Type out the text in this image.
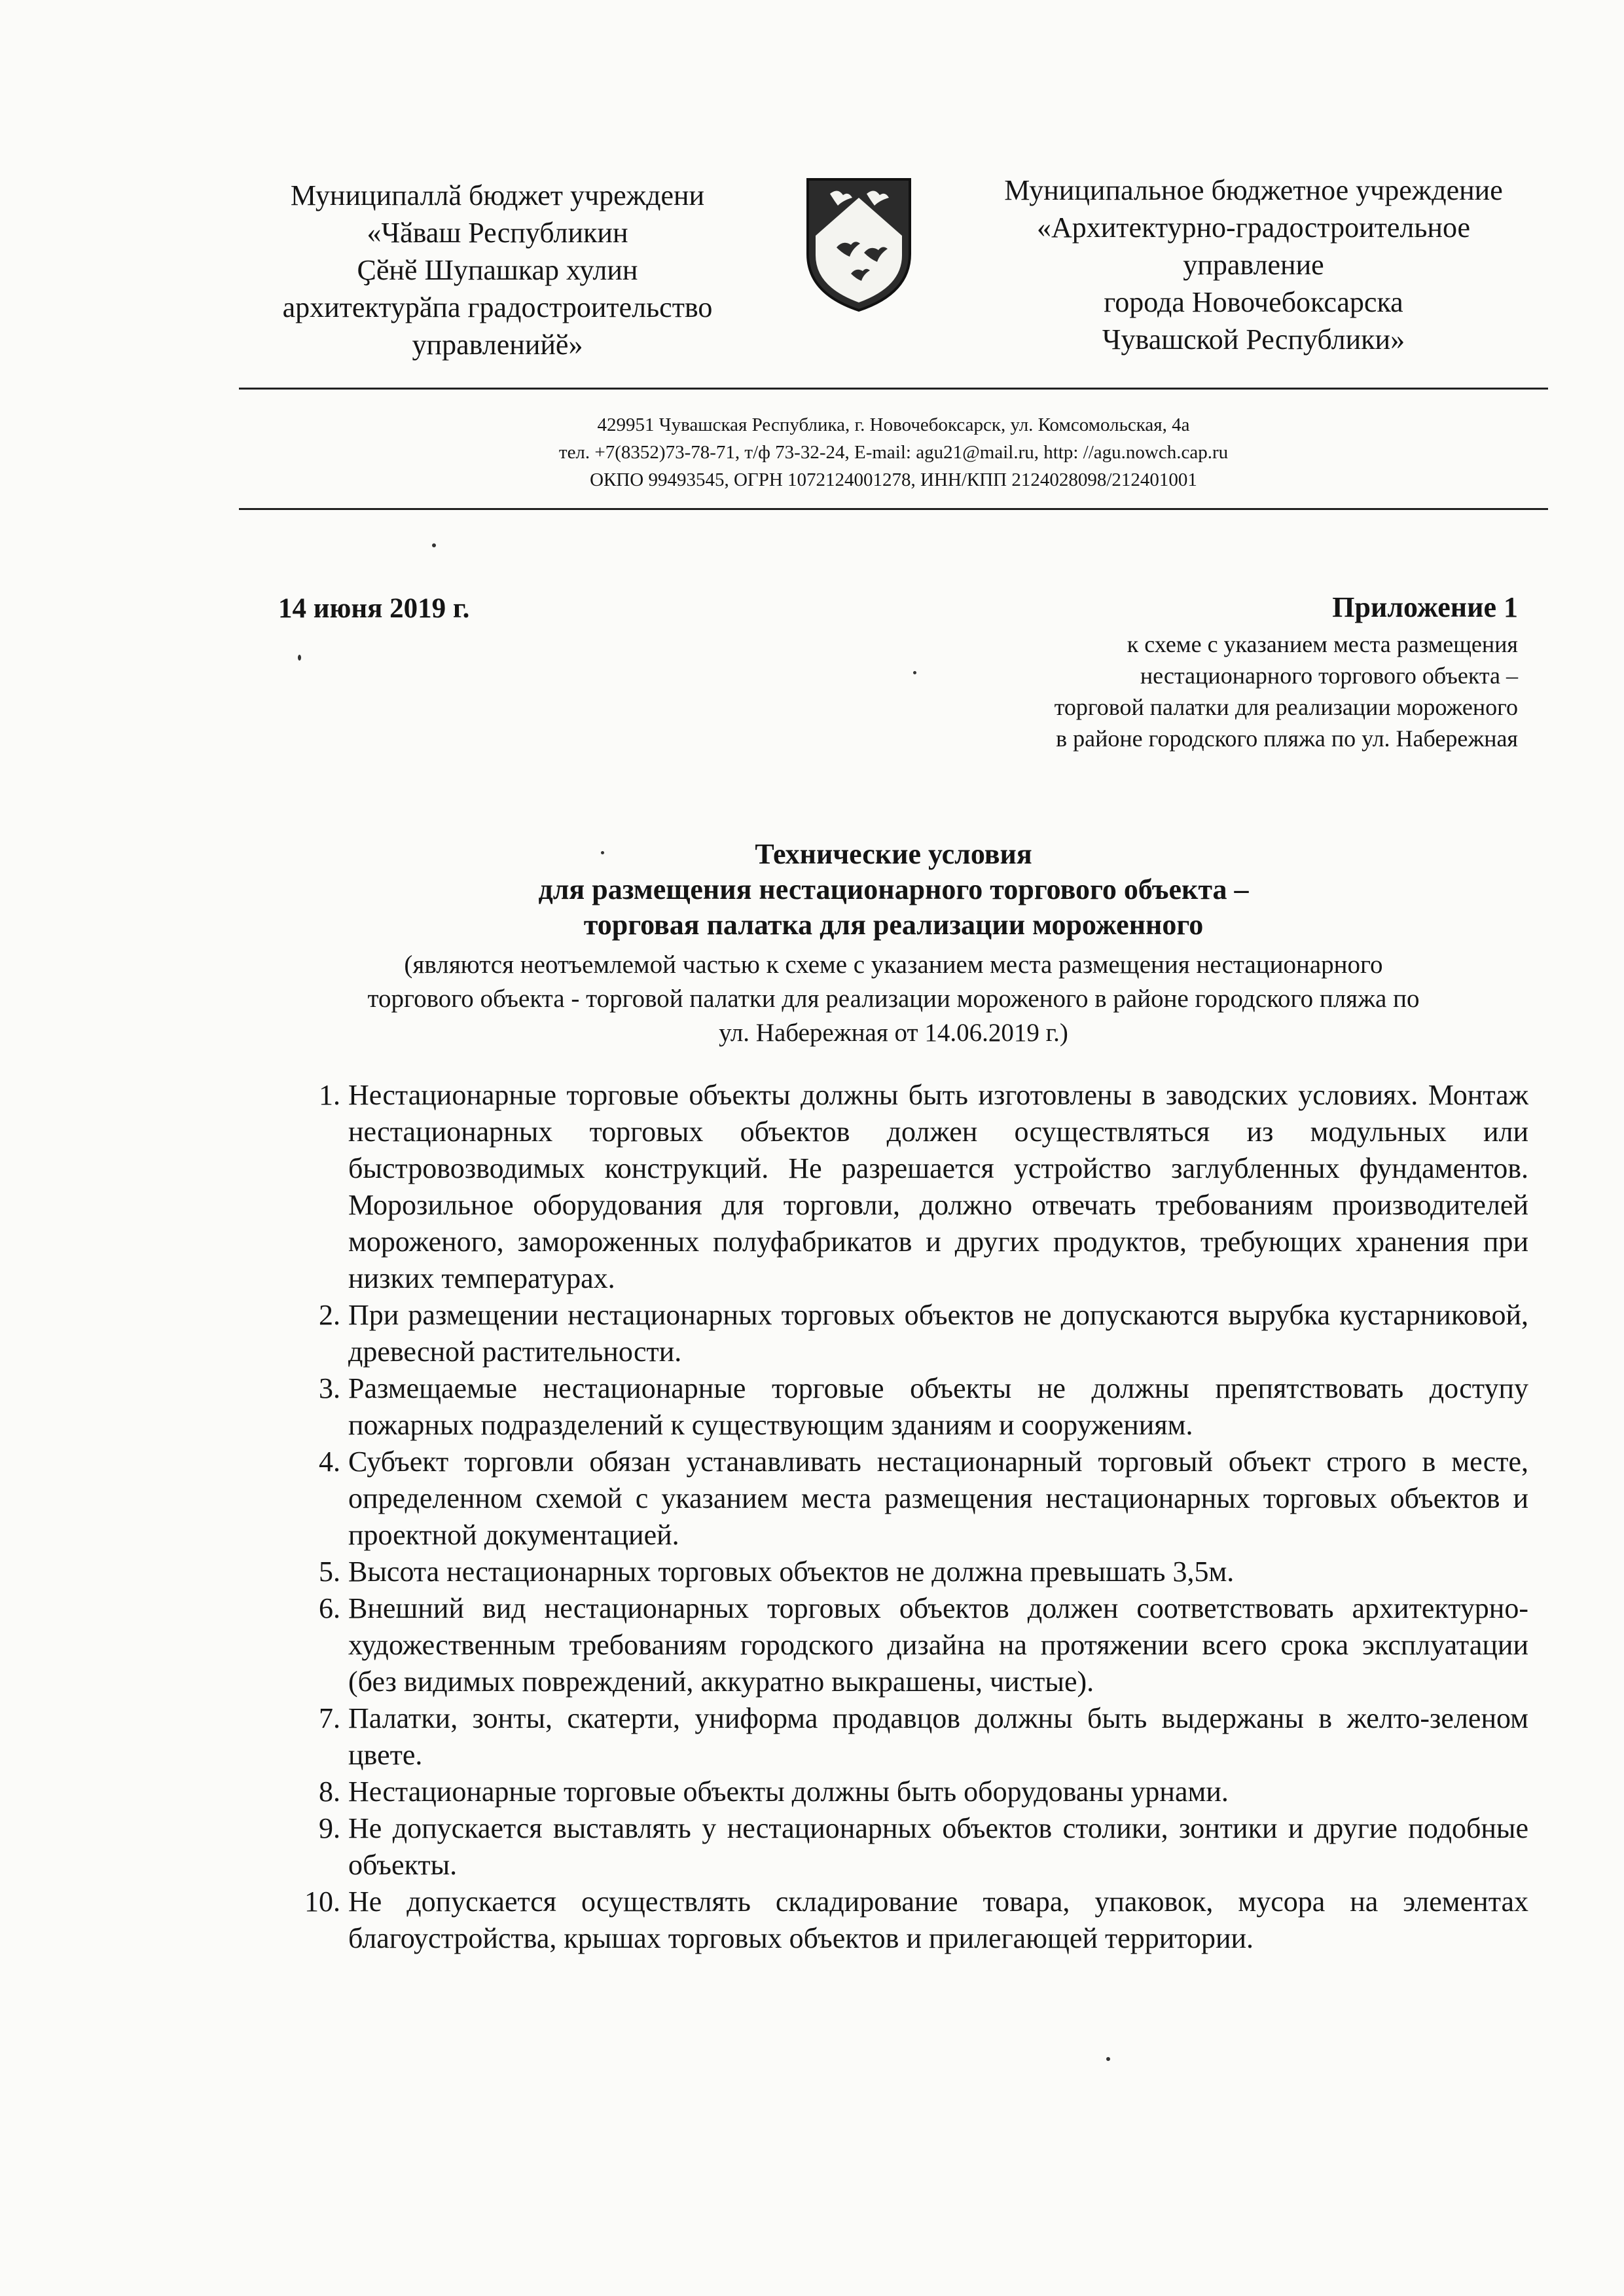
Муниципаллӑ бюджет учреждени
«Чӑваш Республикин
Ҫӗнӗ Шупашкар хулин
архитектурӑпа градостроительство
управленийӗ»
Муниципальное бюджетное учреждение
«Архитектурно-градостроительное
управление
города Новочебоксарска
Чувашской Республики»
429951 Чувашская Республика, г. Новочебоксарск, ул. Комсомольская, 4а
тел. +7(8352)73-78-71, т/ф 73-32-24, E-mail: agu21@mail.ru, http: //agu.nowch.cap.ru
ОКПО 99493545, ОГРН 1072124001278, ИНН/КПП 2124028098/212401001
14 июня 2019 г.	Приложение 1
к схеме с указанием места размещения
нестационарного торгового объекта –
торговой палатки для реализации мороженого
в районе городского пляжа по ул. Набережная
Технические условия
для размещения нестационарного торгового объекта –
торговая палатка для реализации мороженного
(являются неотъемлемой частью к схеме с указанием места размещения нестационарного
торгового объекта - торговой палатки для реализации мороженого в районе городского пляжа по
ул. Набережная от 14.06.2019 г.)
1. Нестационарные торговые объекты должны быть изготовлены в заводских условиях. Монтаж нестационарных торговых объектов должен осуществляться из модульных или быстровозводимых конструкций. Не разрешается устройство заглубленных фундаментов. Морозильное оборудования для торговли, должно отвечать требованиям производителей мороженого, замороженных полуфабрикатов и других продуктов, требующих хранения при низких температурах.
2. При размещении нестационарных торговых объектов не допускаются вырубка кустарниковой, древесной растительности.
3. Размещаемые нестационарные торговые объекты не должны препятствовать доступу пожарных подразделений к существующим зданиям и сооружениям.
4. Субъект торговли обязан устанавливать нестационарный торговый объект строго в месте, определенном схемой с указанием места размещения нестационарных торговых объектов и проектной документацией.
5. Высота нестационарных торговых объектов не должна превышать 3,5м.
6. Внешний вид нестационарных торговых объектов должен соответствовать архитектурно-художественным требованиям городского дизайна на протяжении всего срока эксплуатации (без видимых повреждений, аккуратно выкрашены, чистые).
7. Палатки, зонты, скатерти, униформа продавцов должны быть выдержаны в желто-зеленом цвете.
8. Нестационарные торговые объекты должны быть оборудованы урнами.
9. Не допускается выставлять у нестационарных объектов столики, зонтики и другие подобные объекты.
10. Не допускается осуществлять складирование товара, упаковок, мусора на элементах благоустройства, крышах торговых объектов и прилегающей территории.
